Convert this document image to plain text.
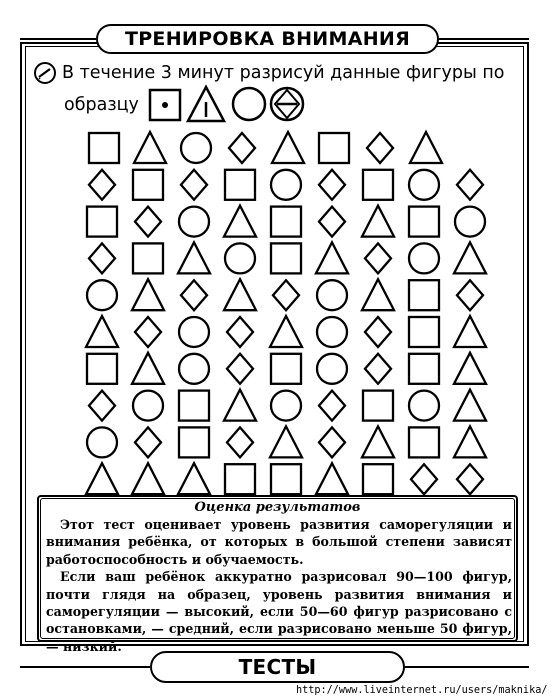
ТРЕНИРОВКА ВНИМАНИЯ
В течение 3 минут разрисуй данные фигуры по
образцу
Оценка результатов

Этот тест оценивает уровень развития саморегуляции и внимания ребёнка, от которых в большой степени зависят работоспособность и обучаемость.

Если ваш ребёнок аккуратно разрисовал 90—100 фигур, почти глядя на образец, уровень развития внимания и саморегуляции — высокий, если 50—60 фигур разрисовано с остановками, — средний, если разрисовано меньше 50 фигур, — низкий.

ТЕСТЫ
http://www.liveinternet.ru/users/maknika/
